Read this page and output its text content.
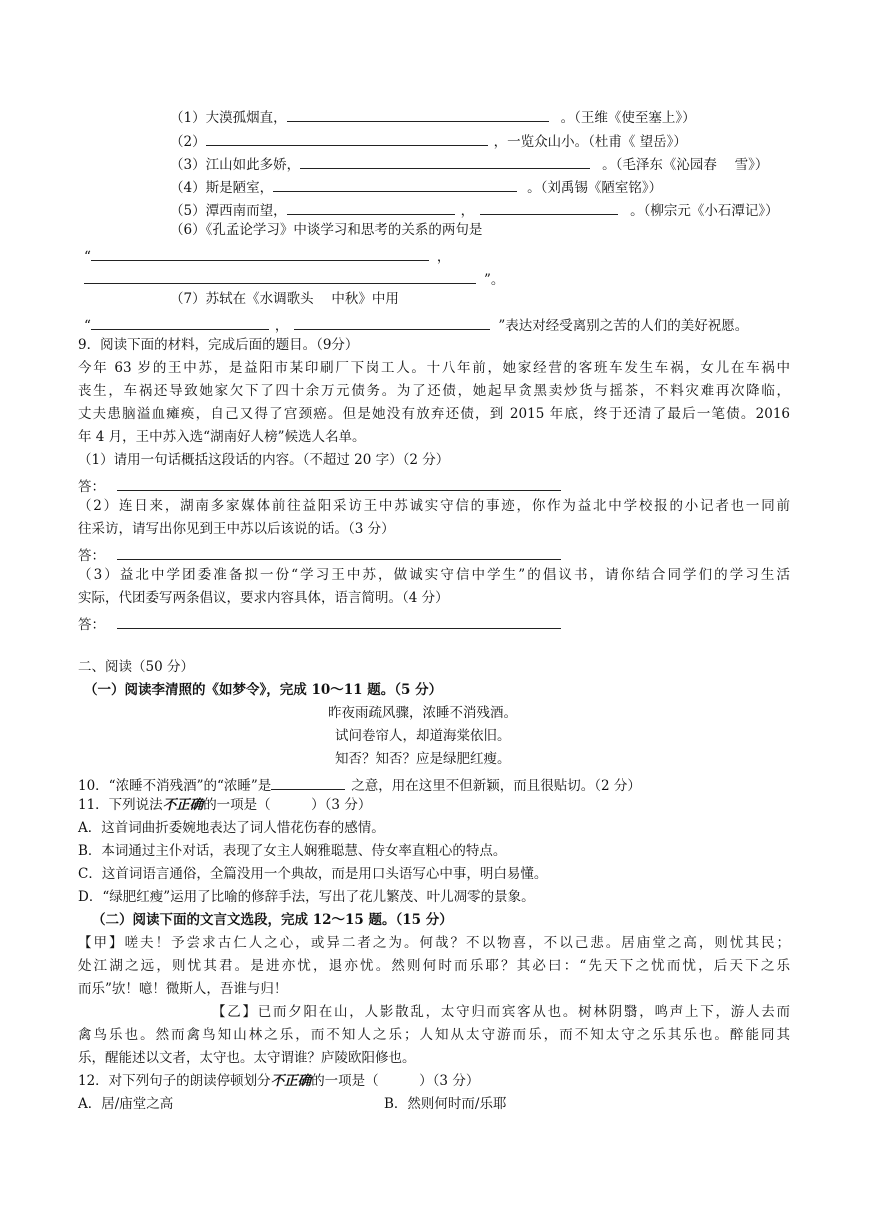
（1）大漠孤烟直，	。（王维《使至塞上》）
（2）	，一览众山小。（杜甫《 望岳》）
（3）江山如此多娇，	。（毛泽东《沁园春　 雪》）
（4）斯是陋室，	。（刘禹锡《陋室铭》）
（5）潭西南而望，	，	。（柳宗元《小石潭记》）
（6）《孔孟论学习》中谈学习和思考的关系的两句是
“	，
”。
（7）苏轼在《水调歌头　 中秋》中用
“	，	”表达对经受离别之苦的人们的美好祝愿。
9．阅读下面的材料，完成后面的题目。（9分）
今年 63 岁的王中苏，是益阳市某印刷厂下岗工人。十八年前，她家经营的客班车发生车祸，女儿在车祸中
丧生，车祸还导致她家欠下了四十余万元债务。为了还债，她起早贪黑卖炒货与摇茶，不料灾难再次降临，
丈夫患脑溢血瘫痪，自己又得了宫颈癌。但是她没有放弃还债，到 2015 年底，终于还清了最后一笔债。2016
年 4 月，王中苏入选“湖南好人榜”候选人名单。
（1）请用一句话概括这段话的内容。（不超过 20 字）（2 分）
答：
（2）连日来，湖南多家媒体前往益阳采访王中苏诚实守信的事迹，你作为益北中学校报的小记者也一同前
往采访，请写出你见到王中苏以后该说的话。（3 分）
答：
（3）益北中学团委准备拟一份“学习王中苏，做诚实守信中学生”的倡议书，请你结合同学们的学习生活
实际，代团委写两条倡议，要求内容具体，语言简明。（4 分）
答：
二、阅读（50 分）
（一）阅读李清照的《如梦令》，完成 10～11 题。（5 分）
昨夜雨疏风骤，浓睡不消残酒。
试问卷帘人，却道海棠依旧。
知否？知否？应是绿肥红瘦。
10．“浓睡不消残酒”的“浓睡”是	之意，用在这里不但新颖，而且很贴切。（2 分）
11．下列说法不正确的一项是（　　　）（3 分）
A．这首词曲折委婉地表达了词人惜花伤春的感情。
B．本词通过主仆对话，表现了女主人娴雅聪慧、侍女率直粗心的特点。
C．这首词语言通俗，全篇没用一个典故，而是用口头语写心中事，明白易懂。
D．“绿肥红瘦”运用了比喻的修辞手法，写出了花儿繁茂、叶儿凋零的景象。
（二）阅读下面的文言文选段，完成 12～15 题。（15 分）
【甲】嗟夫！予尝求古仁人之心，或异二者之为。何哉？不以物喜，不以己悲。居庙堂之高，则忧其民；
处江湖之远，则忧其君。是进亦忧，退亦忧。然则何时而乐耶？其必曰：“先天下之忧而忧，后天下之乐
而乐”欤！噫！微斯人，吾谁与归！
【乙】已而夕阳在山，人影散乱，太守归而宾客从也。树林阴翳，鸣声上下，游人去而
禽鸟乐也。然而禽鸟知山林之乐，而不知人之乐；人知从太守游而乐，而不知太守之乐其乐也。醉能同其
乐，醒能述以文者，太守也。太守谓谁？庐陵欧阳修也。
12．对下列句子的朗读停顿划分不正确的一项是（　　　）（3 分）
A．居/庙堂之高	B．然则何时而/乐耶
